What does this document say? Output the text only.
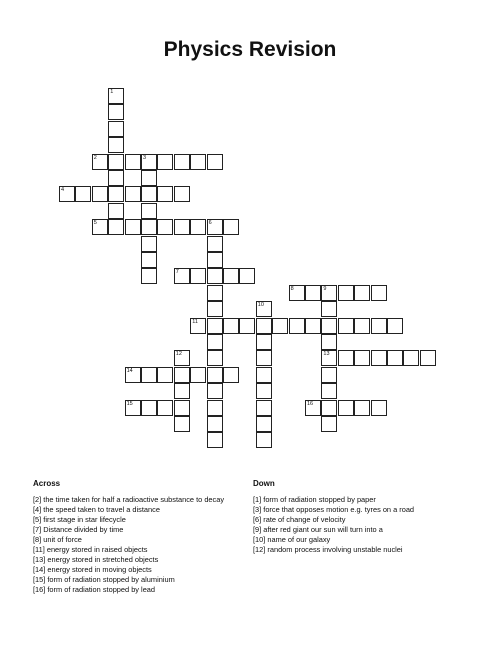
Physics Revision
1
2	3
4
5	6
7
8	9
13
10
11
12
14
15	16
Across
[2] the time taken for half a radioactive substance to decay
[4] the speed taken to travel a distance
[5] first stage in star lifecycle
[7] Distance divided by time
[8] unit of force
[11] energy stored in raised objects
[13] energy stored in stretched objects
[14] energy stored in moving objects
[15] form of radiation stopped by aluminium
[16] form of radiation stopped by lead
Down
[1] form of radiation stopped by paper
[3] force that opposes motion e.g. tyres on a road
[6] rate of change of velocity
[9] after red giant our sun will turn into a
[10] name of our galaxy
[12] random process involving unstable nuclei
